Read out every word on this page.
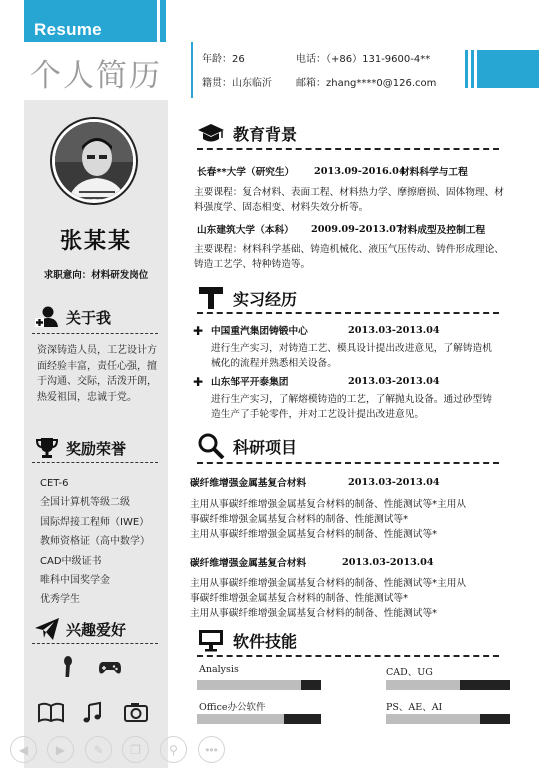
Resume
个人简历	年龄：26	电话：（+86）131-9600-4**
籍贯：山东临沂 邮箱：zhang****0@126.com
张某某
求职意向：材料研发岗位
关于我
资深铸造人员，工艺设计方面经验丰富，责任心强，擅于沟通、交际，活泼开朗，热爱祖国，忠诚于党。
奖励荣誉
CET-6
全国计算机等级二级
国际焊接工程师（IWE）
教师资格证（高中数学）
CAD中级证书
唯科中国奖学金
优秀学生
兴趣爱好
教育背景
长春**大学（研究生） 2013.09-2016.04
材料科学与工程
主要课程：复合材料、表面工程、材料热力学、摩擦磨损、固体物理、材料强度学、固态相变、材料失效分析等。
山东建筑大学（本科） 2009.09-2013.07
材料成型及控制工程
主要课程：材料科学基础、铸造机械化、液压气压传动、铸件形成理论、铸造工艺学、特种铸造等。
实习经历
✚ 中国重汽集团铸锻中心	2013.03-2013.04
进行生产实习，对铸造工艺、模具设计提出改进意见，了解铸造机械化的流程并熟悉相关设备。
✚ 山东邹平开泰集团	2013.03-2013.04
进行生产实习，了解熔模铸造的工艺，了解抛丸设备。通过砂型铸造生产了手轮零件，并对工艺设计提出改进意见。
科研项目
碳纤维增强金属基复合材料	2013.03-2013.04
主用从事碳纤维增强金属基复合材料的制备、性能测试等*主用从
事碳纤维增强金属基复合材料的制备、性能测试等*
主用从事碳纤维增强金属基复合材料的制备、性能测试等*
碳纤维增强金属基复合材料	2013.03-2013.04
主用从事碳纤维增强金属基复合材料的制备、性能测试等*主用从
事碳纤维增强金属基复合材料的制备、性能测试等*
主用从事碳纤维增强金属基复合材料的制备、性能测试等*
软件技能
Analysis	CAD、UG
Office办公软件	PS、AE、AI
◀	▶	✎	❐	⚲	•••
